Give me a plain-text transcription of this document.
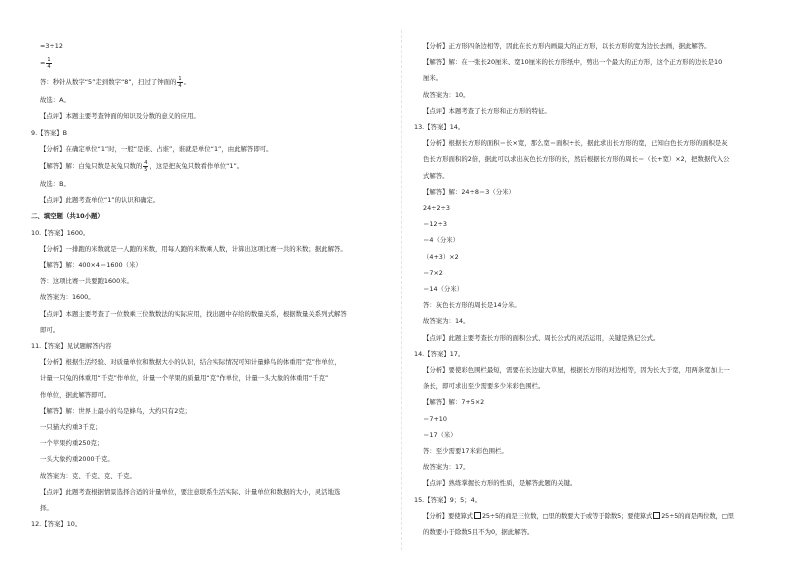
=3÷12
= $\frac{1}{4}$
答：秒针从数字“5”走到数字“8”，扫过了钟面的 $\frac{1}{4}$ 。
故选：A。
【点评】本题主要考查钟面的知识及分数的意义的应用。
9.【答案】B
【分析】在确定单位“1”时，一般“是谁、占谁”，谁就是单位“1”，由此解答即可。
【解答】解：白兔只数是灰兔只数的 $\frac{4}{5}$ ，这是把灰兔只数看作单位“1”。
故选：B。
【点评】此题考查单位“1”的认识和确定。
二、填空题（共10小题）
10.【答案】1600。
【分析】一排跑的米数就是一人跑的米数，用每人跑的米数乘人数，计算出这项比赛一共的米数；据此解答。
【解答】解：400×4＝1600（米）
答：这项比赛一共要跑1600米。
故答案为：1600。
【点评】本题主要考查了一位数乘三位数数法的实际应用，找出题中存给的数量关系，根据数量关系列式解答
即可。
11.【答案】见试题解答内容
【分析】根据生活经验、对质量单位和数据大小的认识，结合实际情况可知计量蜂鸟的体重用“克”作单位，
计量一只兔的体重用“千克”作单位，计量一个苹果的质量用“克”作单位，计量一头大象的体重用“千克”
作单位，据此解答即可。
【解答】解：世界上最小的鸟是蜂鸟，大约只有2克；
一只猫大约重3千克；
一个苹果约重250克；
一头大象约重2000千克。
故答案为：克、千克、克、千克。
【点评】此题考查根据情景选择合适的计量单位，要注意联系生活实际、计量单位和数据的大小，灵活地选
择。
12.【答案】10。
【分析】正方形四条边相等，因此在长方形内画最大的正方形，以长方形的宽为边长去画，据此解答。
【解答】解：在一张长20厘米、宽10厘米的长方形纸中，剪出一个最大的正方形，这个正方形的边长是10
厘米。
故答案为：10。
【点评】本题考查了长方形和正方形的特征。
13.【答案】14。
【分析】根据长方形的面积＝长×宽，那么宽＝面积÷长，据此求出长方形的宽，已知白色长方形的面积是灰
色长方形面积的2倍，据此可以求出灰色长方形的长，然后根据长方形的周长＝（长+宽）×2，把数据代入公
式解答。
【解答】解：24÷8＝3（分米）
24÷2÷3
＝12÷3
＝4（分米）
（4+3）×2
＝7×2
＝14（分米）
答：灰色长方形的周长是14分米。
故答案为：14。
【点评】此题主要考查长方形的面积公式、周长公式的灵活运用，关键是熟记公式。
14.【答案】17。
【分析】要使彩色围栏最短，需要在长边建大草屋，根据长方形的对边相等，因为长大于宽，用两条宽加上一
条长，即可求出至少需要多少米彩色围栏。
【解答】解：7+5×2
＝7+10
＝17（米）
答：至少需要17米彩色围栏。
故答案为：17。
【点评】熟练掌握长方形的性质，是解答此题的关键。
15.【答案】9；5；4。
【分析】要使算式 25÷5的商是三位数，□里的数要大于或等于除数5；要使算式 25÷5的商是两位数，□里
的数要小于除数5且不为0，据此解答。
